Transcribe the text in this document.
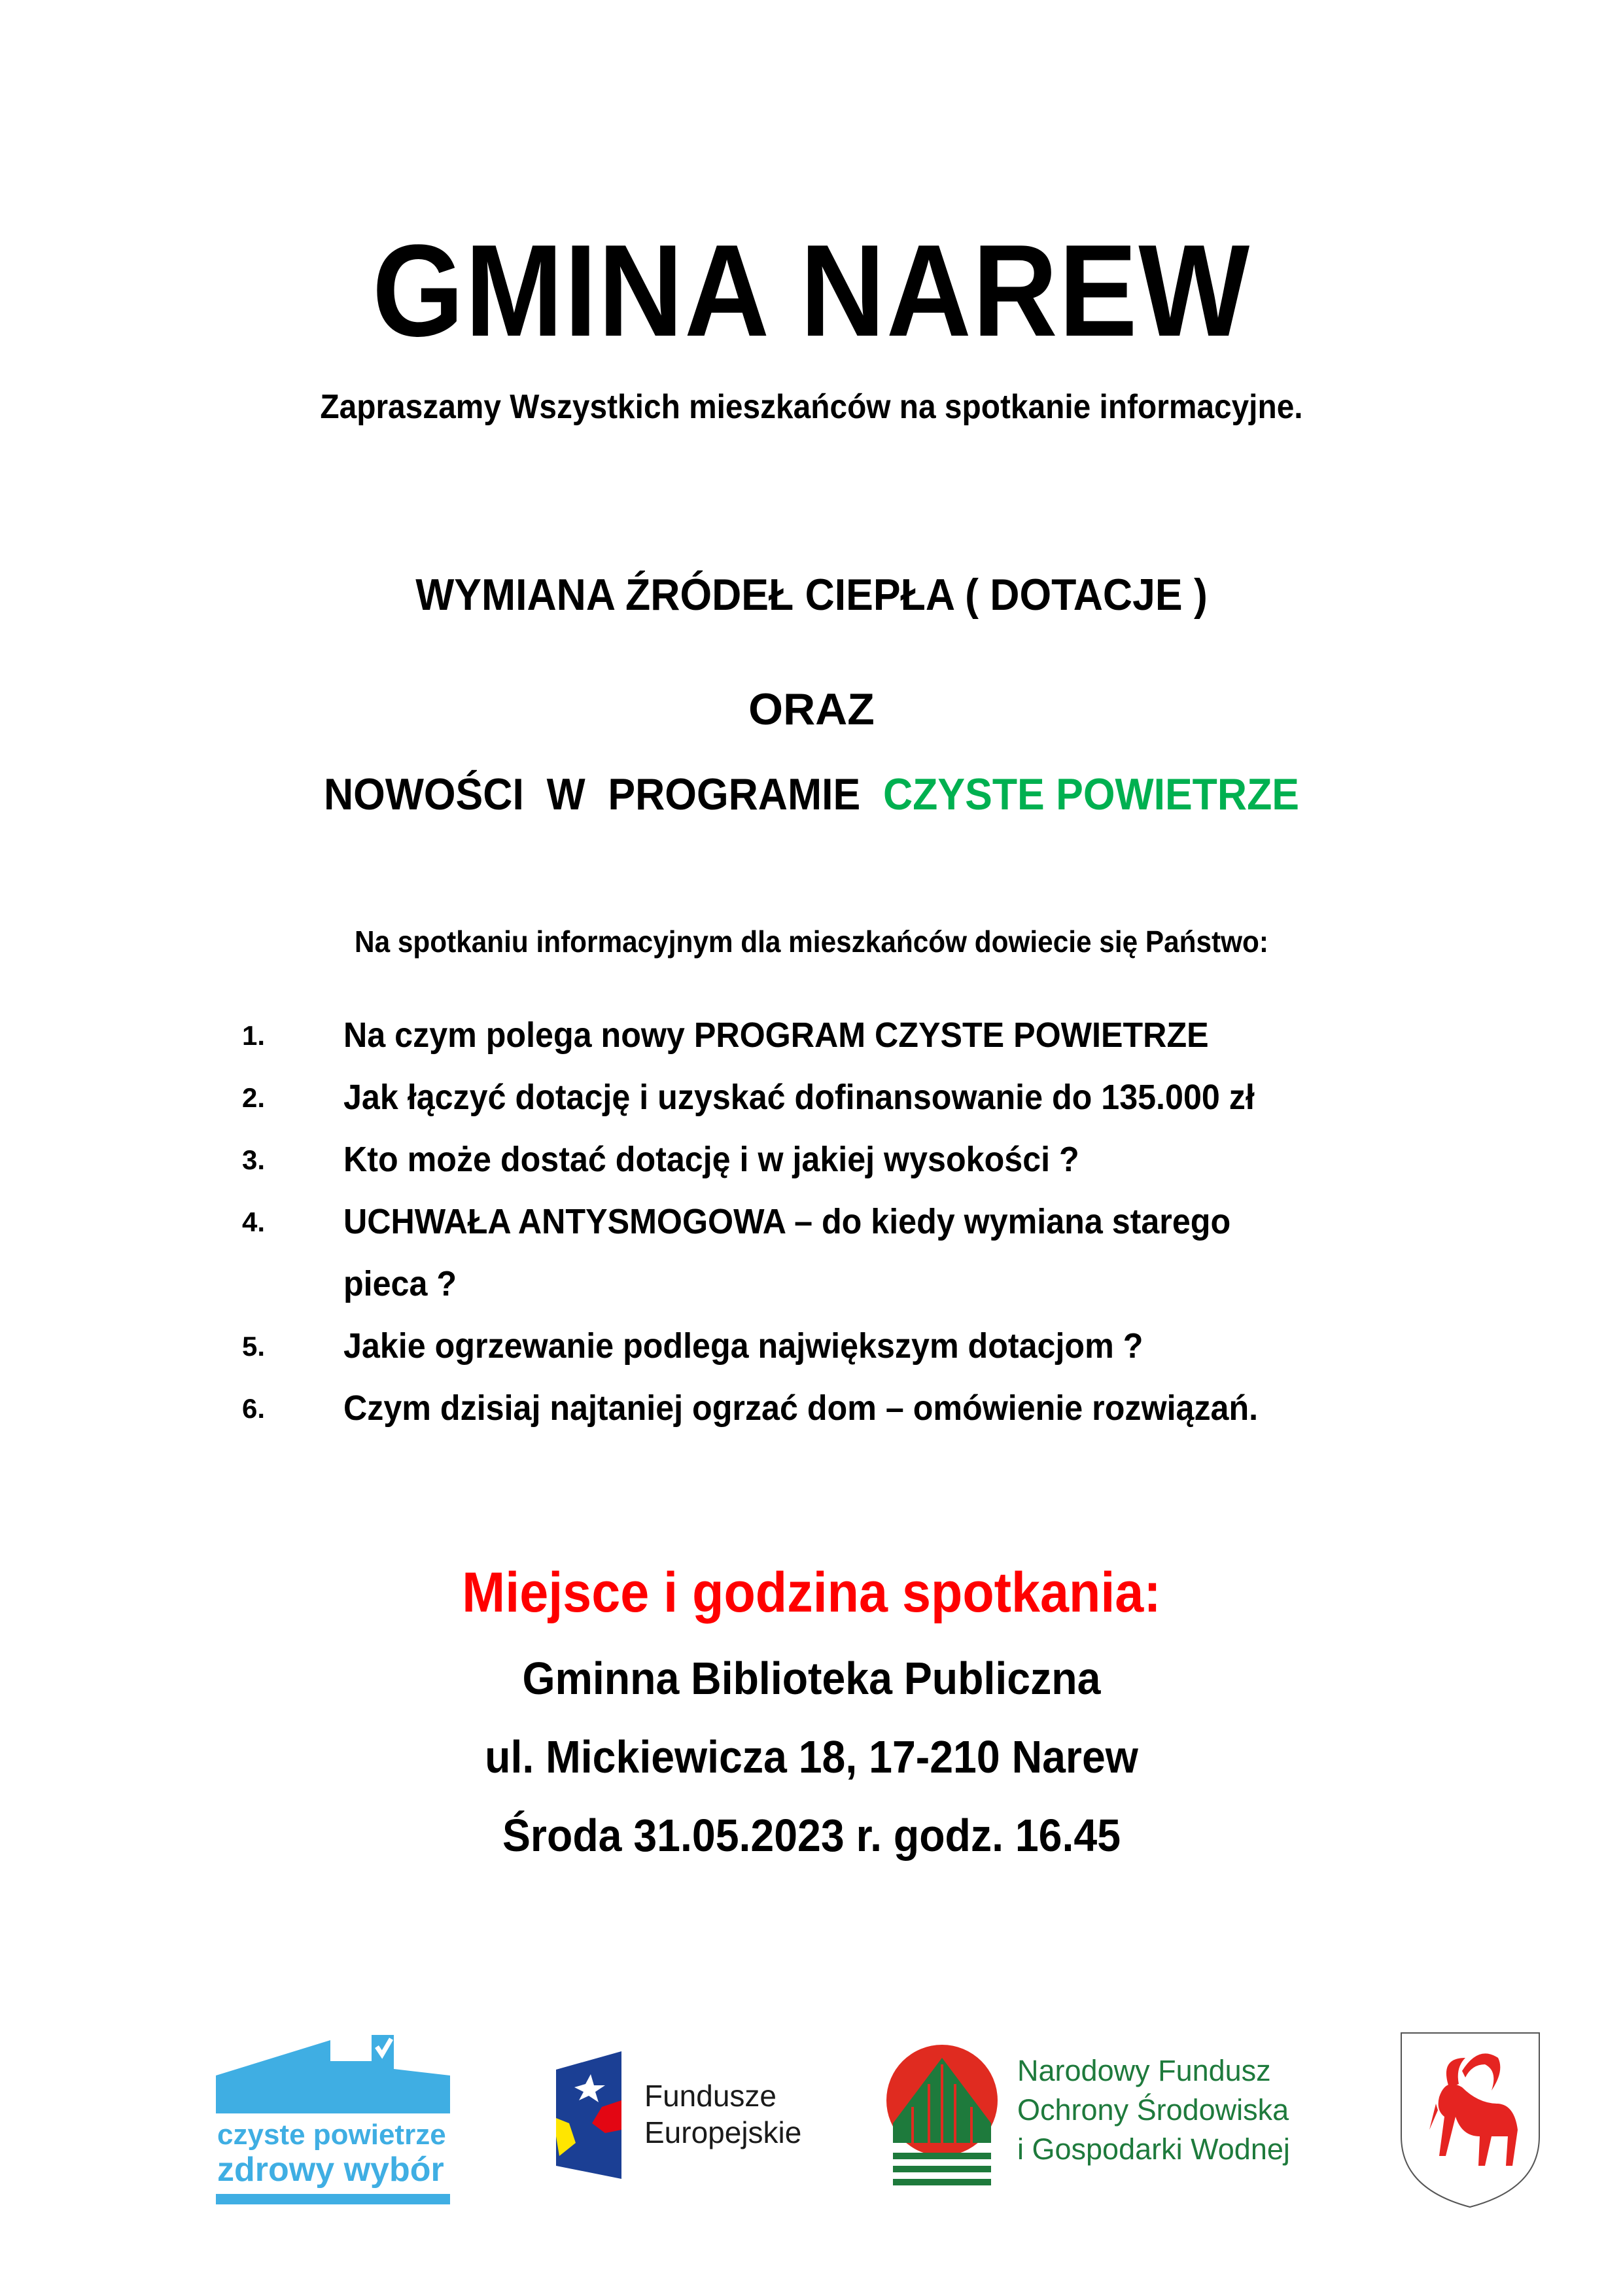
GMINA NAREW
Zapraszamy Wszystkich mieszkańców na spotkanie informacyjne.
WYMIANA ŹRÓDEŁ CIEPŁA ( DOTACJE )
ORAZ
NOWOŚCI  W  PROGRAMIE  CZYSTE POWIETRZE
Na spotkaniu informacyjnym dla mieszkańców dowiecie się Państwo:
1. Na czym polega nowy PROGRAM CZYSTE POWIETRZE
2. Jak łączyć dotację i uzyskać dofinansowanie do 135.000 zł
3. Kto może dostać dotację i w jakiej wysokości ?
4. UCHWAŁA ANTYSMOGOWA – do kiedy wymiana starego
pieca ?
5. Jakie ogrzewanie podlega największym dotacjom ?
6. Czym dzisiaj najtaniej ogrzać dom – omówienie rozwiązań.
Miejsce i godzina spotkania:
Gminna Biblioteka Publiczna
ul. Mickiewicza 18, 17-210 Narew
Środa 31.05.2023 r. godz. 16.45
czyste powietrze
zdrowy wybór
Fundusze
Europejskie
Narodowy Fundusz
Ochrony Środowiska
i Gospodarki Wodnej
